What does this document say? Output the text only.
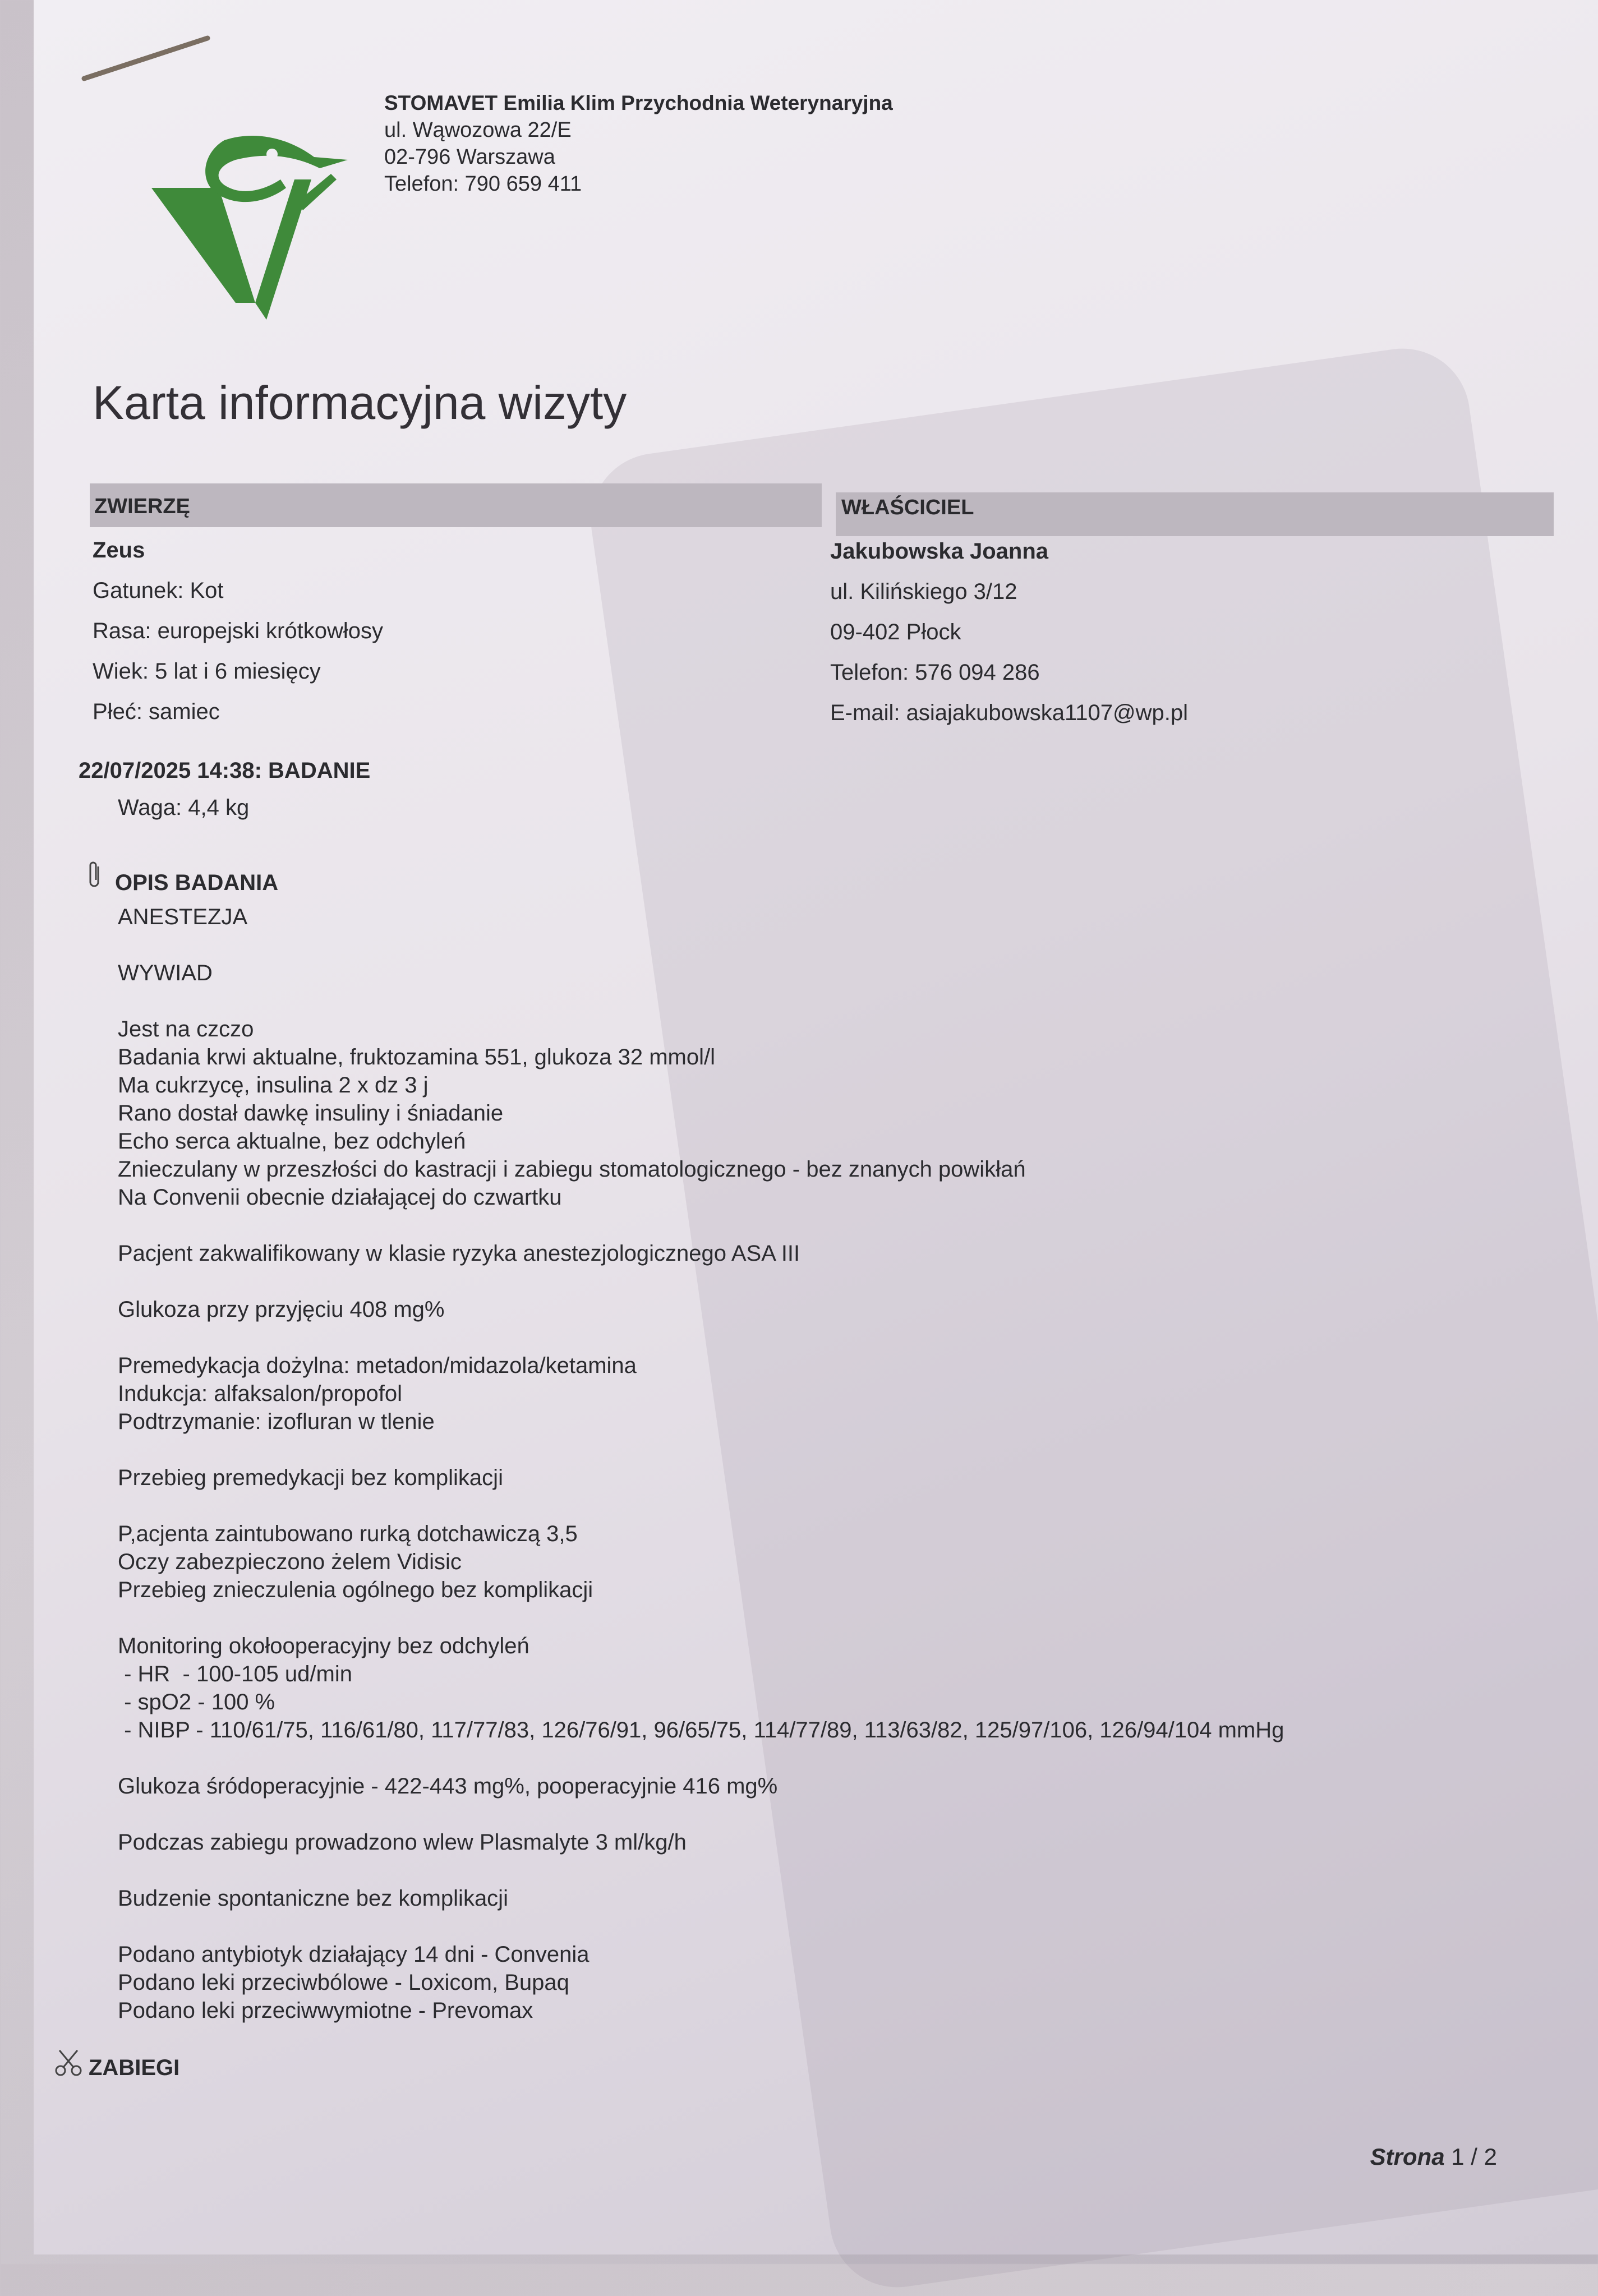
STOMAVET Emilia Klim Przychodnia Weterynaryjna
ul. Wąwozowa 22/E
02-796 Warszawa
Telefon: 790 659 411
Karta informacyjna wizyty
ZWIERZĘ
Zeus
Gatunek: Kot
Rasa: europejski krótkowłosy
Wiek: 5 lat i 6 miesięcy
Płeć: samiec
WŁAŚCICIEL
Jakubowska Joanna
ul. Kilińskiego 3/12
09-402 Płock
Telefon: 576 094 286
E-mail: asiajakubowska1107@wp.pl
22/07/2025 14:38: BADANIE
Waga: 4,4 kg
OPIS BADANIA
ANESTEZJA
WYWIAD
Jest na czczo
Badania krwi aktualne, fruktozamina 551, glukoza 32 mmol/l
Ma cukrzycę, insulina 2 x dz 3 j
Rano dostał dawkę insuliny i śniadanie
Echo serca aktualne, bez odchyleń
Znieczulany w przeszłości do kastracji i zabiegu stomatologicznego - bez znanych powikłań
Na Convenii obecnie działającej do czwartku
Pacjent zakwalifikowany w klasie ryzyka anestezjologicznego ASA III
Glukoza przy przyjęciu 408 mg%
Premedykacja dożylna: metadon/midazola/ketamina
Indukcja: alfaksalon/propofol
Podtrzymanie: izofluran w tlenie
Przebieg premedykacji bez komplikacji
P,acjenta zaintubowano rurką dotchawiczą 3,5
Oczy zabezpieczono żelem Vidisic
Przebieg znieczulenia ogólnego bez komplikacji
Monitoring okołooperacyjny bez odchyleń
- HR  - 100-105 ud/min
- spO2 - 100 %
- NIBP - 110/61/75, 116/61/80, 117/77/83, 126/76/91, 96/65/75, 114/77/89, 113/63/82, 125/97/106, 126/94/104 mmHg
Glukoza śródoperacyjnie - 422-443 mg%, pooperacyjnie 416 mg%
Podczas zabiegu prowadzono wlew Plasmalyte 3 ml/kg/h
Budzenie spontaniczne bez komplikacji
Podano antybiotyk działający 14 dni - Convenia
Podano leki przeciwbólowe - Loxicom, Bupaq
Podano leki przeciwwymiotne - Prevomax
ZABIEGI
Strona 1 / 2
